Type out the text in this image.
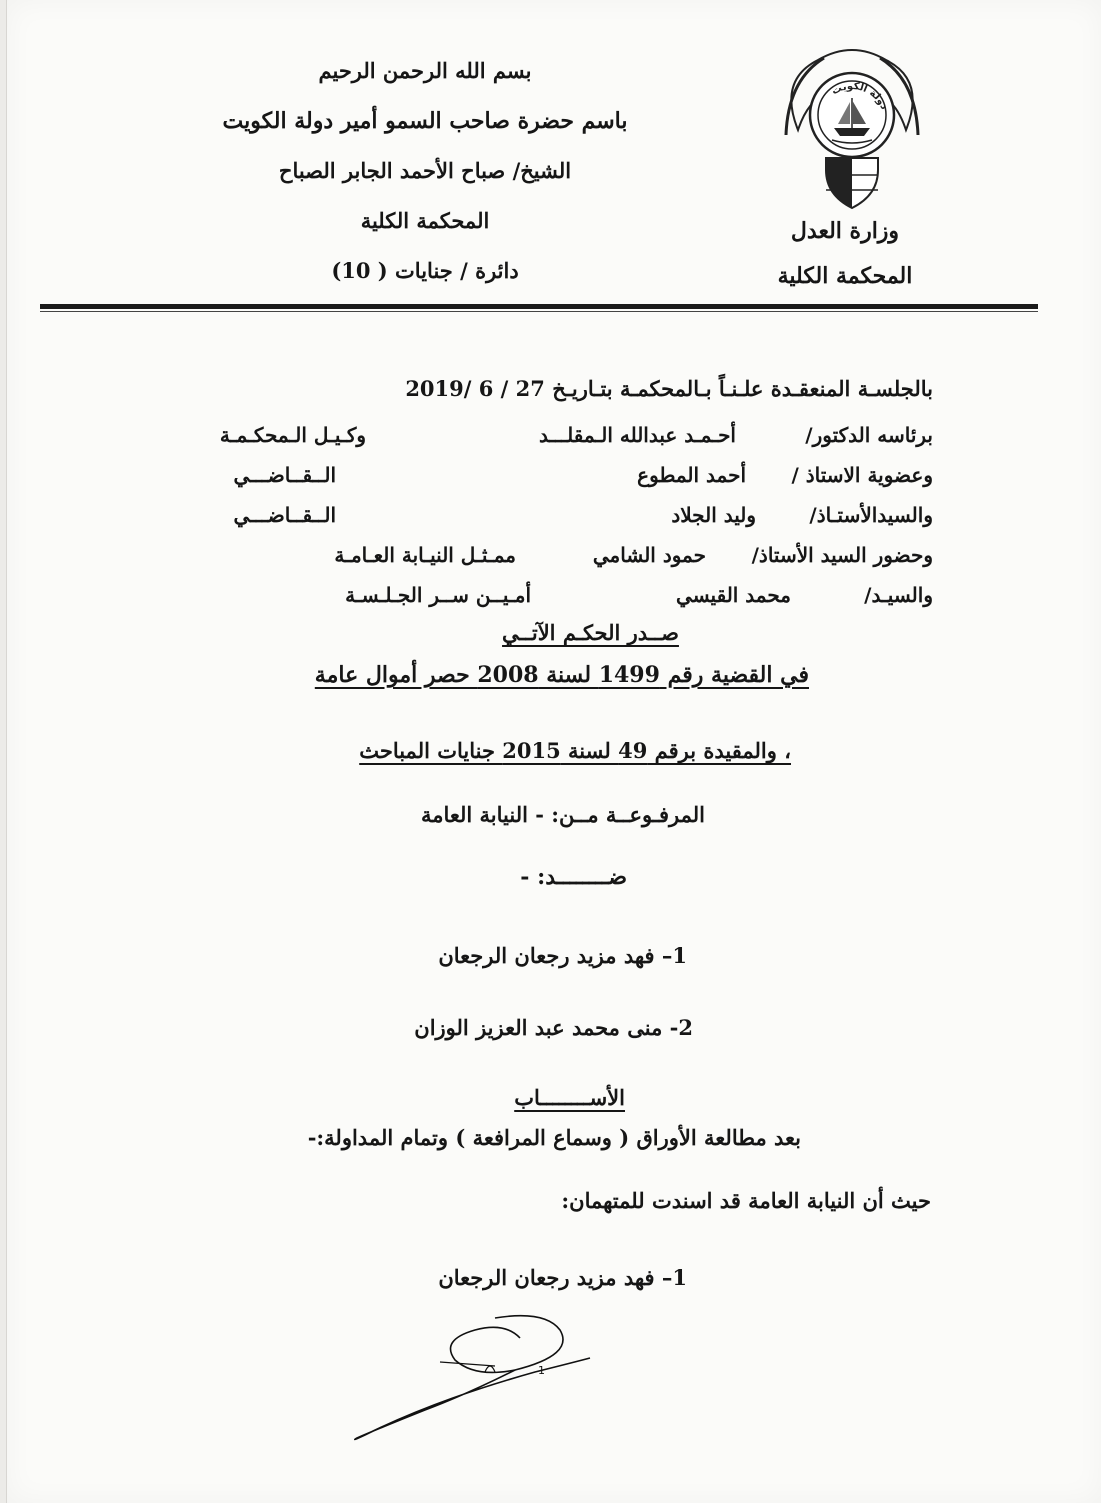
بسم الله الرحمن الرحيم
باسم حضرة صاحب السمو أمير دولة الكويت
الشيخ/ صباح الأحمد الجابر الصباح
المحكمة الكلية
دائرة / جنايات ( 10)
دولة الكويت
وزارة العدل
المحكمة الكلية
بالجلسـة المنعقـدة علـنـاً بـالمحكمـة بتـاريـخ 27 / 6 /2019
برئاسه الدكتور/
أحـمـد عبدالله الـمقلـــد
وكـيـل الـمحكـمـة
وعضوية الاستاذ /
أحمد المطوع
الــقــاضـــي
والسيدالأستـاذ/
وليد الجلاد
الــقــاضـــي
وحضور السيد الأستاذ/
حمود الشامي
ممـثـل النيـابة العـامـة
والسيـد/
محمد القيسي
أمـيــن ســر الجـلـسـة
صــدر الحكـم الآتــي
في القضية رقم 1499 لسنة 2008 حصر أموال عامة
، والمقيدة برقم 49 لسنة 2015 جنايات المباحث
المرفـوعــة مــن: - النيابة العامة
ضــــــــد: -
1– فهد مزيد رجعان الرجعان
2- منى محمد عبد العزيز الوزان
الأســــــــاب
بعد مطالعة الأوراق ( وسماع المرافعة ) وتمام المداولة:-
حيث أن النيابة العامة قد اسندت للمتهمان:
1– فهد مزيد رجعان الرجعان
1
